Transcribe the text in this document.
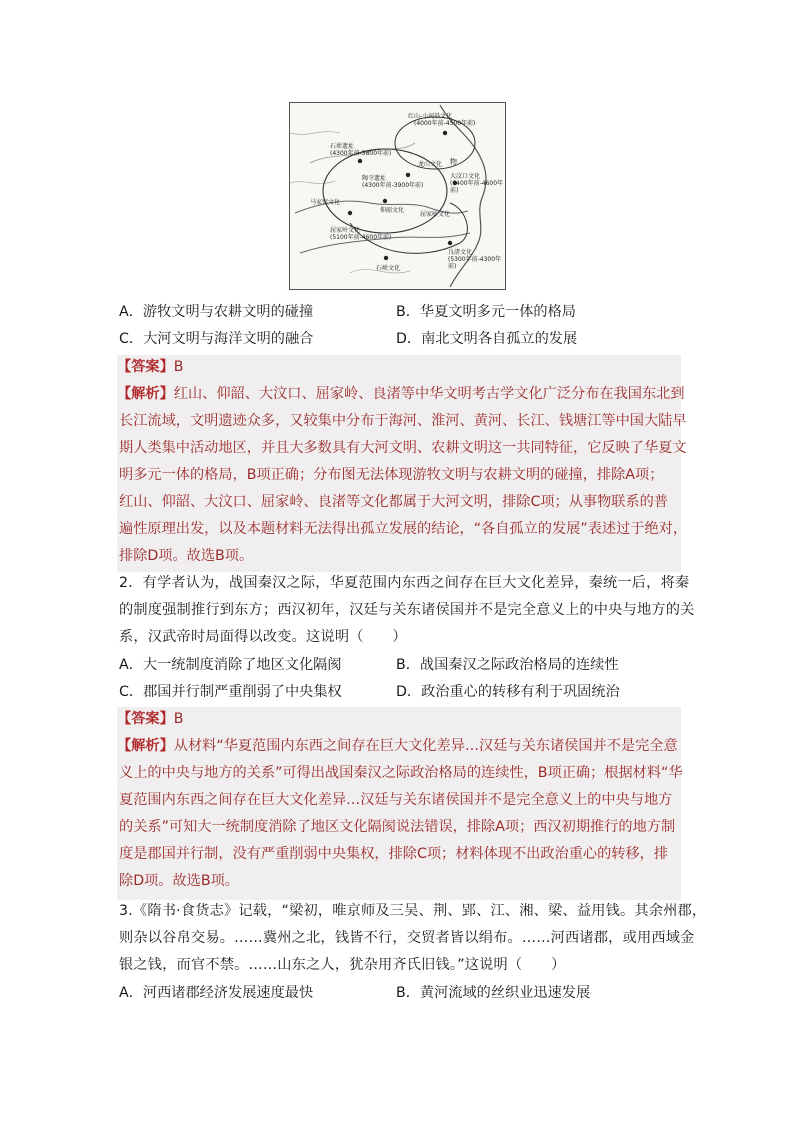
红山-小河沿文化
(4000年前-4500年前)
石峁遗址
(4300年前-3800年前)
龙山文化 物
大汶口文化
(6400年前-4600年前)
陶寺遗址
(4300年前-3900年前)
仰韶文化
屈家岭文化
马家窑文化
良渚文化
(5300年前-4300年前)
屈家岭文化
(5100年前-4600年前)
石峡文化
A．游牧文明与农耕文明的碰撞	B．华夏文明多元一体的格局
C．大河文明与海洋文明的融合	D．南北文明各自孤立的发展
【答案】B
【解析】红山、仰韶、大汶口、屈家岭、良渚等中华文明考古学文化广泛分布在我国东北到
长江流域，文明遗迹众多，又较集中分布于海河、淮河、黄河、长江、钱塘江等中国大陆早
期人类集中活动地区，并且大多数具有大河文明、农耕文明这一共同特征，它反映了华夏文
明多元一体的格局，B项正确；分布图无法体现游牧文明与农耕文明的碰撞，排除A项；
红山、仰韶、大汶口、屈家岭、良渚等文化都属于大河文明，排除C项；从事物联系的普
遍性原理出发，以及本题材料无法得出孤立发展的结论，“各自孤立的发展”表述过于绝对，
排除D项。故选B项。
2．有学者认为，战国秦汉之际，华夏范围内东西之间存在巨大文化差异，秦统一后，将秦
的制度强制推行到东方；西汉初年，汉廷与关东诸侯国并不是完全意义上的中央与地方的关
系，汉武帝时局面得以改变。这说明（　　）
A．大一统制度消除了地区文化隔阂	B．战国秦汉之际政治格局的连续性
C．郡国并行制严重削弱了中央集权	D．政治重心的转移有利于巩固统治
【答案】B
【解析】从材料“华夏范围内东西之间存在巨大文化差异…汉廷与关东诸侯国并不是完全意
义上的中央与地方的关系”可得出战国秦汉之际政治格局的连续性，B项正确；根据材料“华
夏范围内东西之间存在巨大文化差异…汉廷与关东诸侯国并不是完全意义上的中央与地方
的关系”可知大一统制度消除了地区文化隔阂说法错误，排除A项；西汉初期推行的地方制
度是郡国并行制，没有严重削弱中央集权，排除C项；材料体现不出政治重心的转移，排
除D项。故选B项。
3.《隋书·食货志》记载，“梁初，唯京师及三吴、荆、郢、江、湘、梁、益用钱。其余州郡，
则杂以谷帛交易。……冀州之北，钱皆不行，交贸者皆以绢布。……河西诸郡，或用西域金
银之钱，而官不禁。……山东之人，犹杂用齐氏旧钱。”这说明（　　）
A．河西诸郡经济发展速度最快	B．黄河流域的丝织业迅速发展
